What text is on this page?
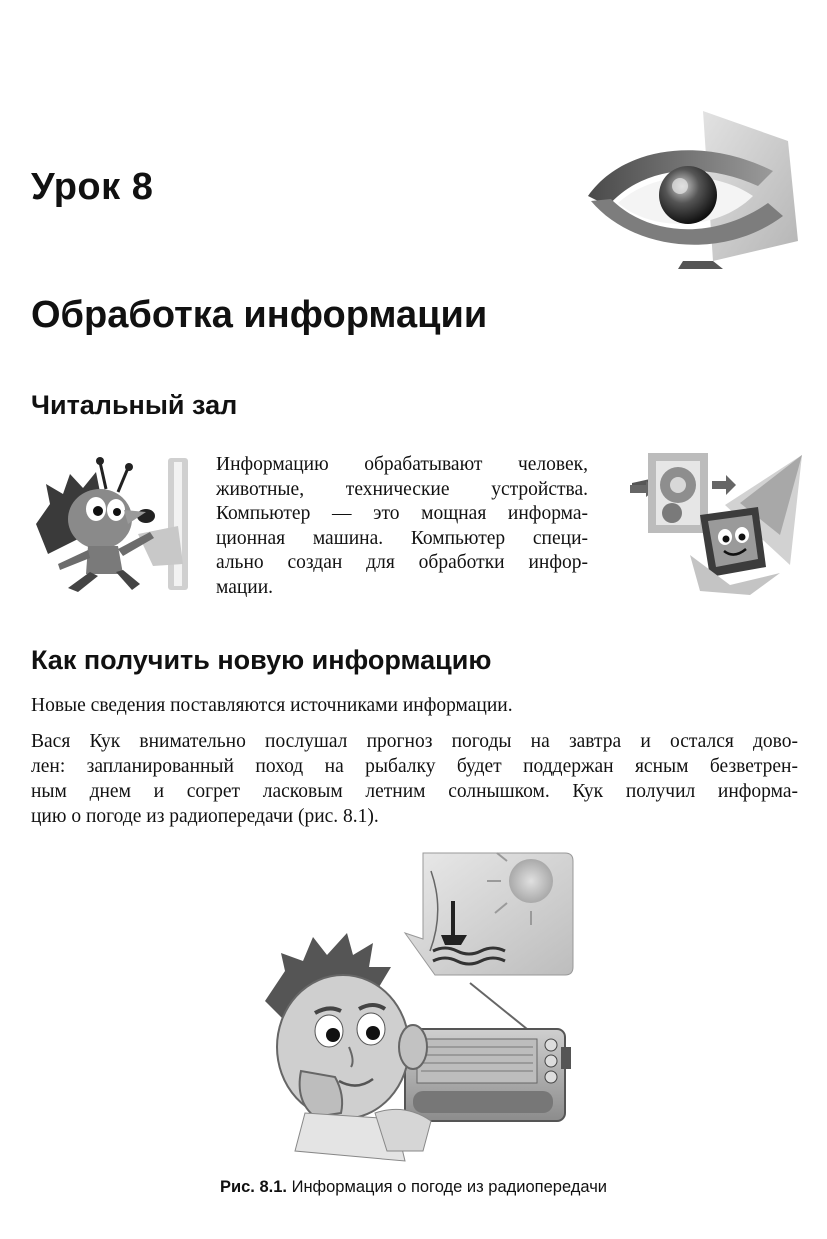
Урок 8
Обработка информации
Читальный зал

Информацию обрабатывают человек,
животные, технические устройства.
Компьютер — это мощная информа-
ционная машина. Компьютер специ-
ально создан для обработки инфор-
мации.

Как получить новую информацию

Новые сведения поставляются источниками информации.

Вася Кук внимательно послушал прогноз погоды на завтра и остался дово-
лен: запланированный поход на рыбалку будет поддержан ясным безветрен-
ным днем и согрет ласковым летним солнышком. Кук получил информа-
цию о погоде из радиопередачи (рис. 8.1).

Рис. 8.1. Информация о погоде из радиопередачи
